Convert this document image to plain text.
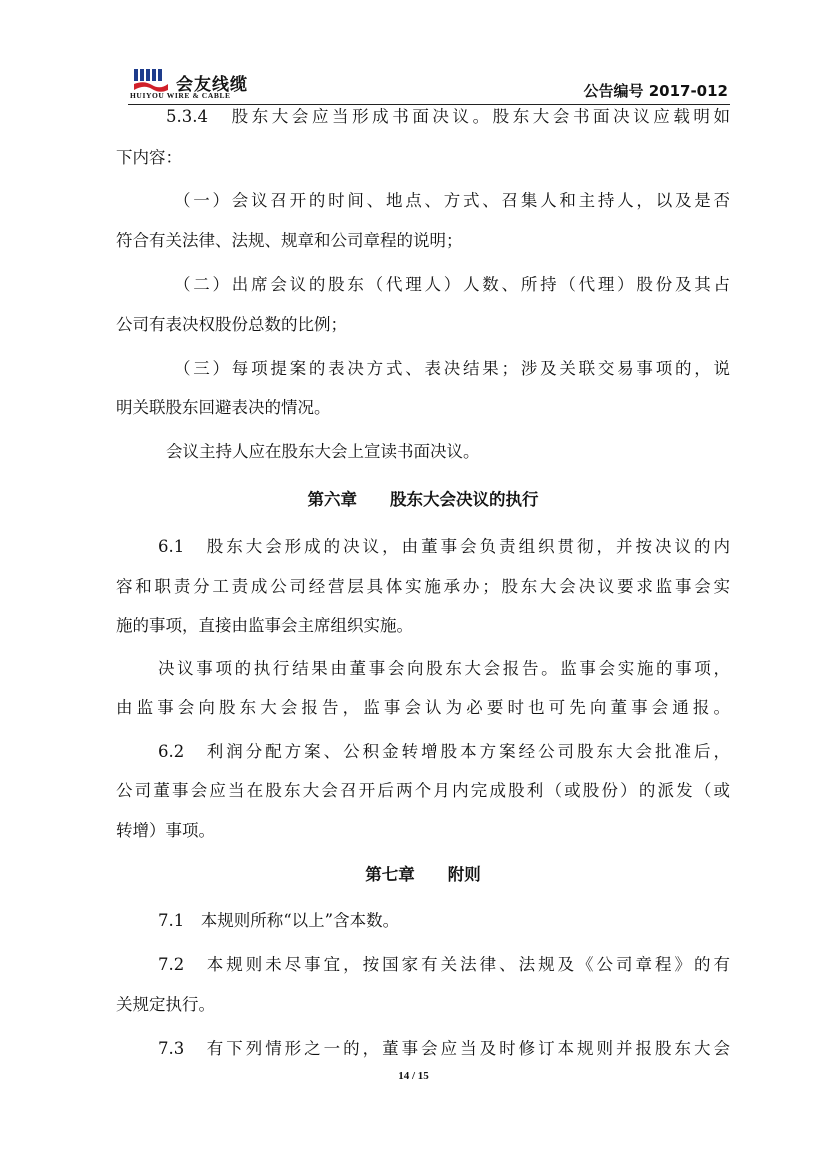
会友线缆
HUIYOU WIRE & CABLE	公告编号 2017-012
5.3.4　股东大会应当形成书面决议。股东大会书面决议应载明如
下内容：
（一）会议召开的时间、地点、方式、召集人和主持人，以及是否
符合有关法律、法规、规章和公司章程的说明；
（二）出席会议的股东（代理人）人数、所持（代理）股份及其占
公司有表决权股份总数的比例；
（三）每项提案的表决方式、表决结果；涉及关联交易事项的，说
明关联股东回避表决的情况。
会议主持人应在股东大会上宣读书面决议。
第六章　　股东大会决议的执行
6.1　股东大会形成的决议，由董事会负责组织贯彻，并按决议的内
容和职责分工责成公司经营层具体实施承办；股东大会决议要求监事会实
施的事项，直接由监事会主席组织实施。
决议事项的执行结果由董事会向股东大会报告。监事会实施的事项，
由监事会向股东大会报告，监事会认为必要时也可先向董事会通报。
6.2　利润分配方案、公积金转增股本方案经公司股东大会批准后，
公司董事会应当在股东大会召开后两个月内完成股利（或股份）的派发（或
转增）事项。
第七章　　附则
7.1　本规则所称“以上”含本数。
7.2　本规则未尽事宜，按国家有关法律、法规及《公司章程》的有
关规定执行。
7.3　有下列情形之一的，董事会应当及时修订本规则并报股东大会
14 / 15
